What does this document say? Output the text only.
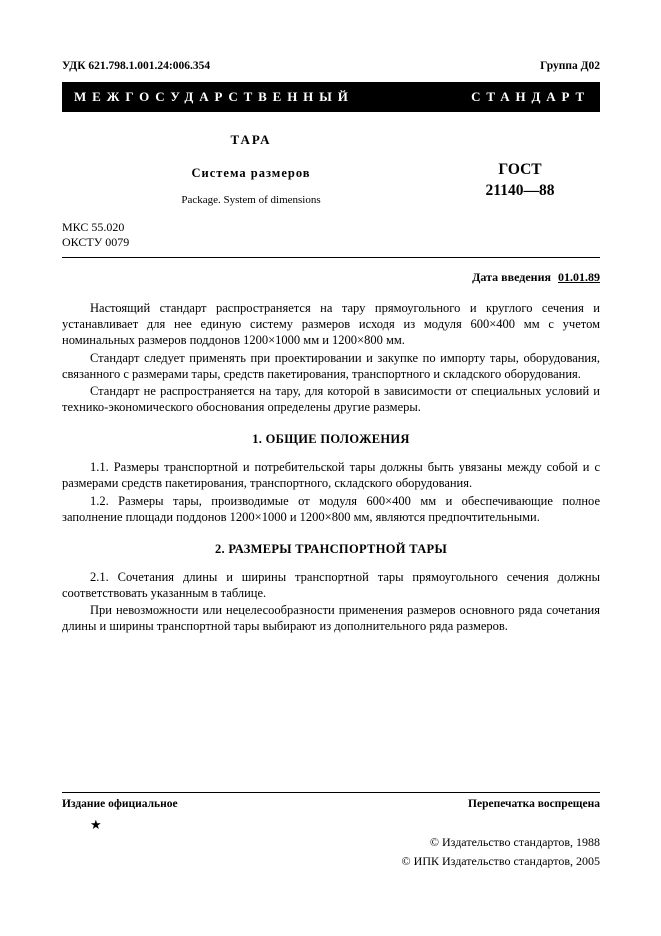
УДК 621.798.1.001.24:006.354	Группа Д02
МЕЖГОСУДАРСТВЕННЫЙ	СТАНДАРТ
ТАРА
Система размеров
Package. System of dimensions
ГОСТ
21140—88
МКС 55.020
ОКСТУ 0079
Дата введения 01.01.89

Настоящий стандарт распространяется на тару прямоугольного и круглого сечения и устанавливает для нее единую систему размеров исходя из модуля 600×400 мм с учетом номинальных размеров поддонов 1200×1000 мм и 1200×800 мм.

Стандарт следует применять при проектировании и закупке по импорту тары, оборудования, связанного с размерами тары, средств пакетирования, транспортного и складского оборудования.

Стандарт не распространяется на тару, для которой в зависимости от специальных условий и технико-экономического обоснования определены другие размеры.

1. ОБЩИЕ ПОЛОЖЕНИЯ

1.1. Размеры транспортной и потребительской тары должны быть увязаны между собой и с размерами средств пакетирования, транспортного, складского оборудования.

1.2. Размеры тары, производимые от модуля 600×400 мм и обеспечивающие полное заполнение площади поддонов 1200×1000 и 1200×800 мм, являются предпочтительными.

2. РАЗМЕРЫ ТРАНСПОРТНОЙ ТАРЫ

2.1. Сочетания длины и ширины транспортной тары прямоугольного сечения должны соответствовать указанным в таблице.

При невозможности или нецелесообразности применения размеров основного ряда сочетания длины и ширины транспортной тары выбирают из дополнительного ряда размеров.

Издание официальное	Перепечатка воспрещена
★
© Издательство стандартов, 1988
© ИПК Издательство стандартов, 2005
